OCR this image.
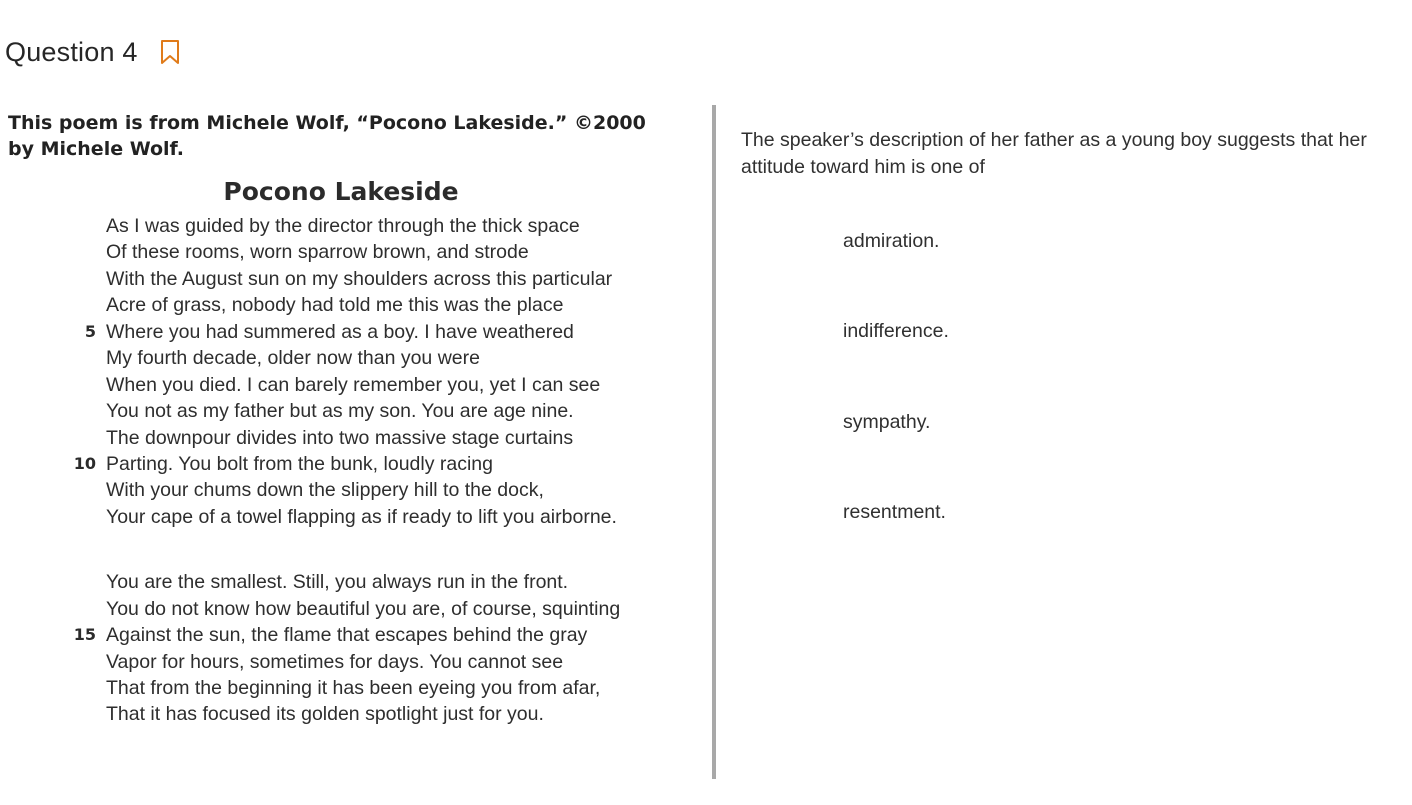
Question 4
This poem is from Michele Wolf, “Pocono Lakeside.” ©2000 by Michele Wolf.
Pocono Lakeside
As I was guided by the director through the thick space
Of these rooms, worn sparrow brown, and strode
With the August sun on my shoulders across this particular
Acre of grass, nobody had told me this was the place
5 Where you had summered as a boy. I have weathered
My fourth decade, older now than you were
When you died. I can barely remember you, yet I can see
You not as my father but as my son. You are age nine.
The downpour divides into two massive stage curtains
10 Parting. You bolt from the bunk, loudly racing
With your chums down the slippery hill to the dock,
Your cape of a towel flapping as if ready to lift you airborne.
You are the smallest. Still, you always run in the front.
You do not know how beautiful you are, of course, squinting
15 Against the sun, the flame that escapes behind the gray
Vapor for hours, sometimes for days. You cannot see
That from the beginning it has been eyeing you from afar,
That it has focused its golden spotlight just for you.
The speaker’s description of her father as a young boy suggests that her attitude toward him is one of
admiration.
indifference.
sympathy.
resentment.
